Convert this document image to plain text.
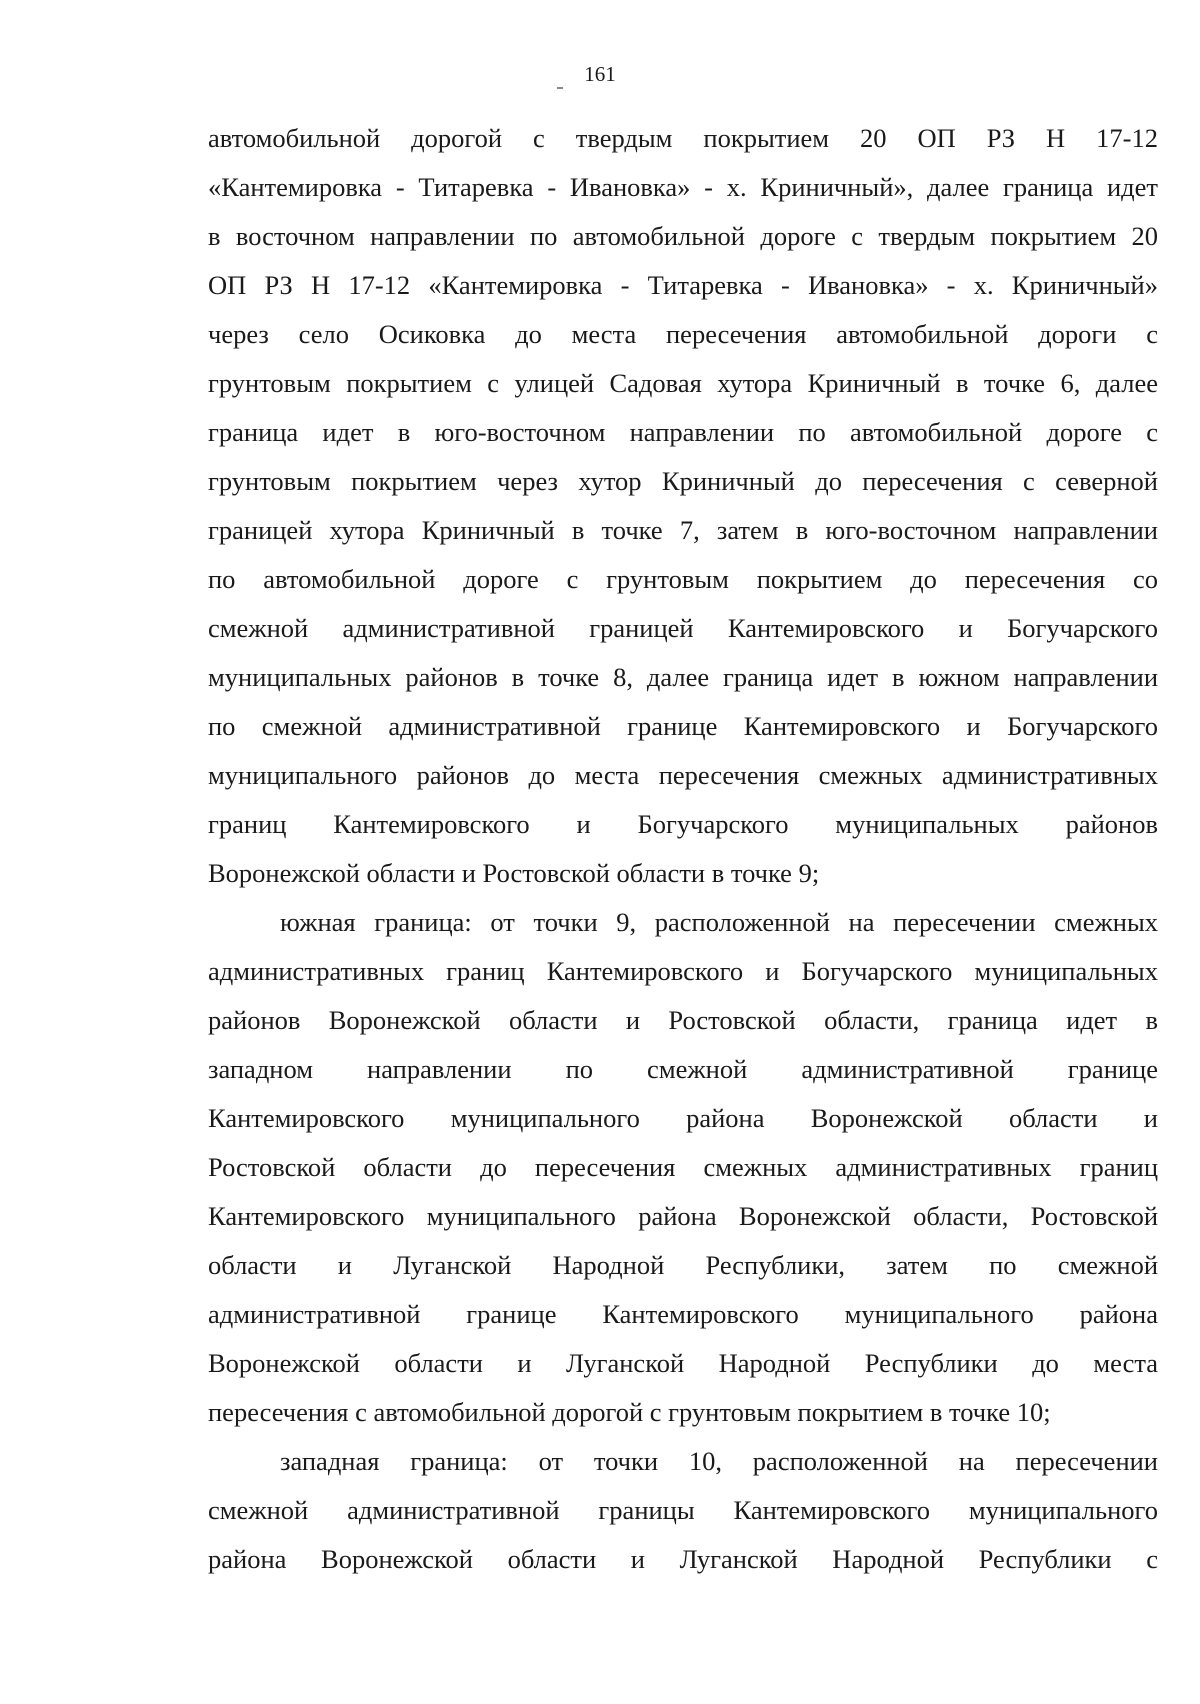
161
автомобильной дорогой с твердым покрытием 20 ОП РЗ Н 17-12
«Кантемировка - Титаревка - Ивановка» - х. Криничный», далее граница идет
в восточном направлении по автомобильной дороге с твердым покрытием 20
ОП РЗ Н 17-12 «Кантемировка - Титаревка - Ивановка» - х. Криничный»
через село Осиковка до места пересечения автомобильной дороги с
грунтовым покрытием с улицей Садовая хутора Криничный в точке 6, далее
граница идет в юго-восточном направлении по автомобильной дороге с
грунтовым покрытием через хутор Криничный до пересечения с северной
границей хутора Криничный в точке 7, затем в юго-восточном направлении
по автомобильной дороге с грунтовым покрытием до пересечения со
смежной административной границей Кантемировского и Богучарского
муниципальных районов в точке 8, далее граница идет в южном направлении
по смежной административной границе Кантемировского и Богучарского
муниципального районов до места пересечения смежных административных
границ Кантемировского и Богучарского муниципальных районов
Воронежской области и Ростовской области в точке 9;
южная граница: от точки 9, расположенной на пересечении смежных
административных границ Кантемировского и Богучарского муниципальных
районов Воронежской области и Ростовской области, граница идет в
западном направлении по смежной административной границе
Кантемировского муниципального района Воронежской области и
Ростовской области до пересечения смежных административных границ
Кантемировского муниципального района Воронежской области, Ростовской
области и Луганской Народной Республики, затем по смежной
административной границе Кантемировского муниципального района
Воронежской области и Луганской Народной Республики до места
пересечения с автомобильной дорогой с грунтовым покрытием в точке 10;
западная граница: от точки 10, расположенной на пересечении
смежной административной границы Кантемировского муниципального
района Воронежской области и Луганской Народной Республики с
